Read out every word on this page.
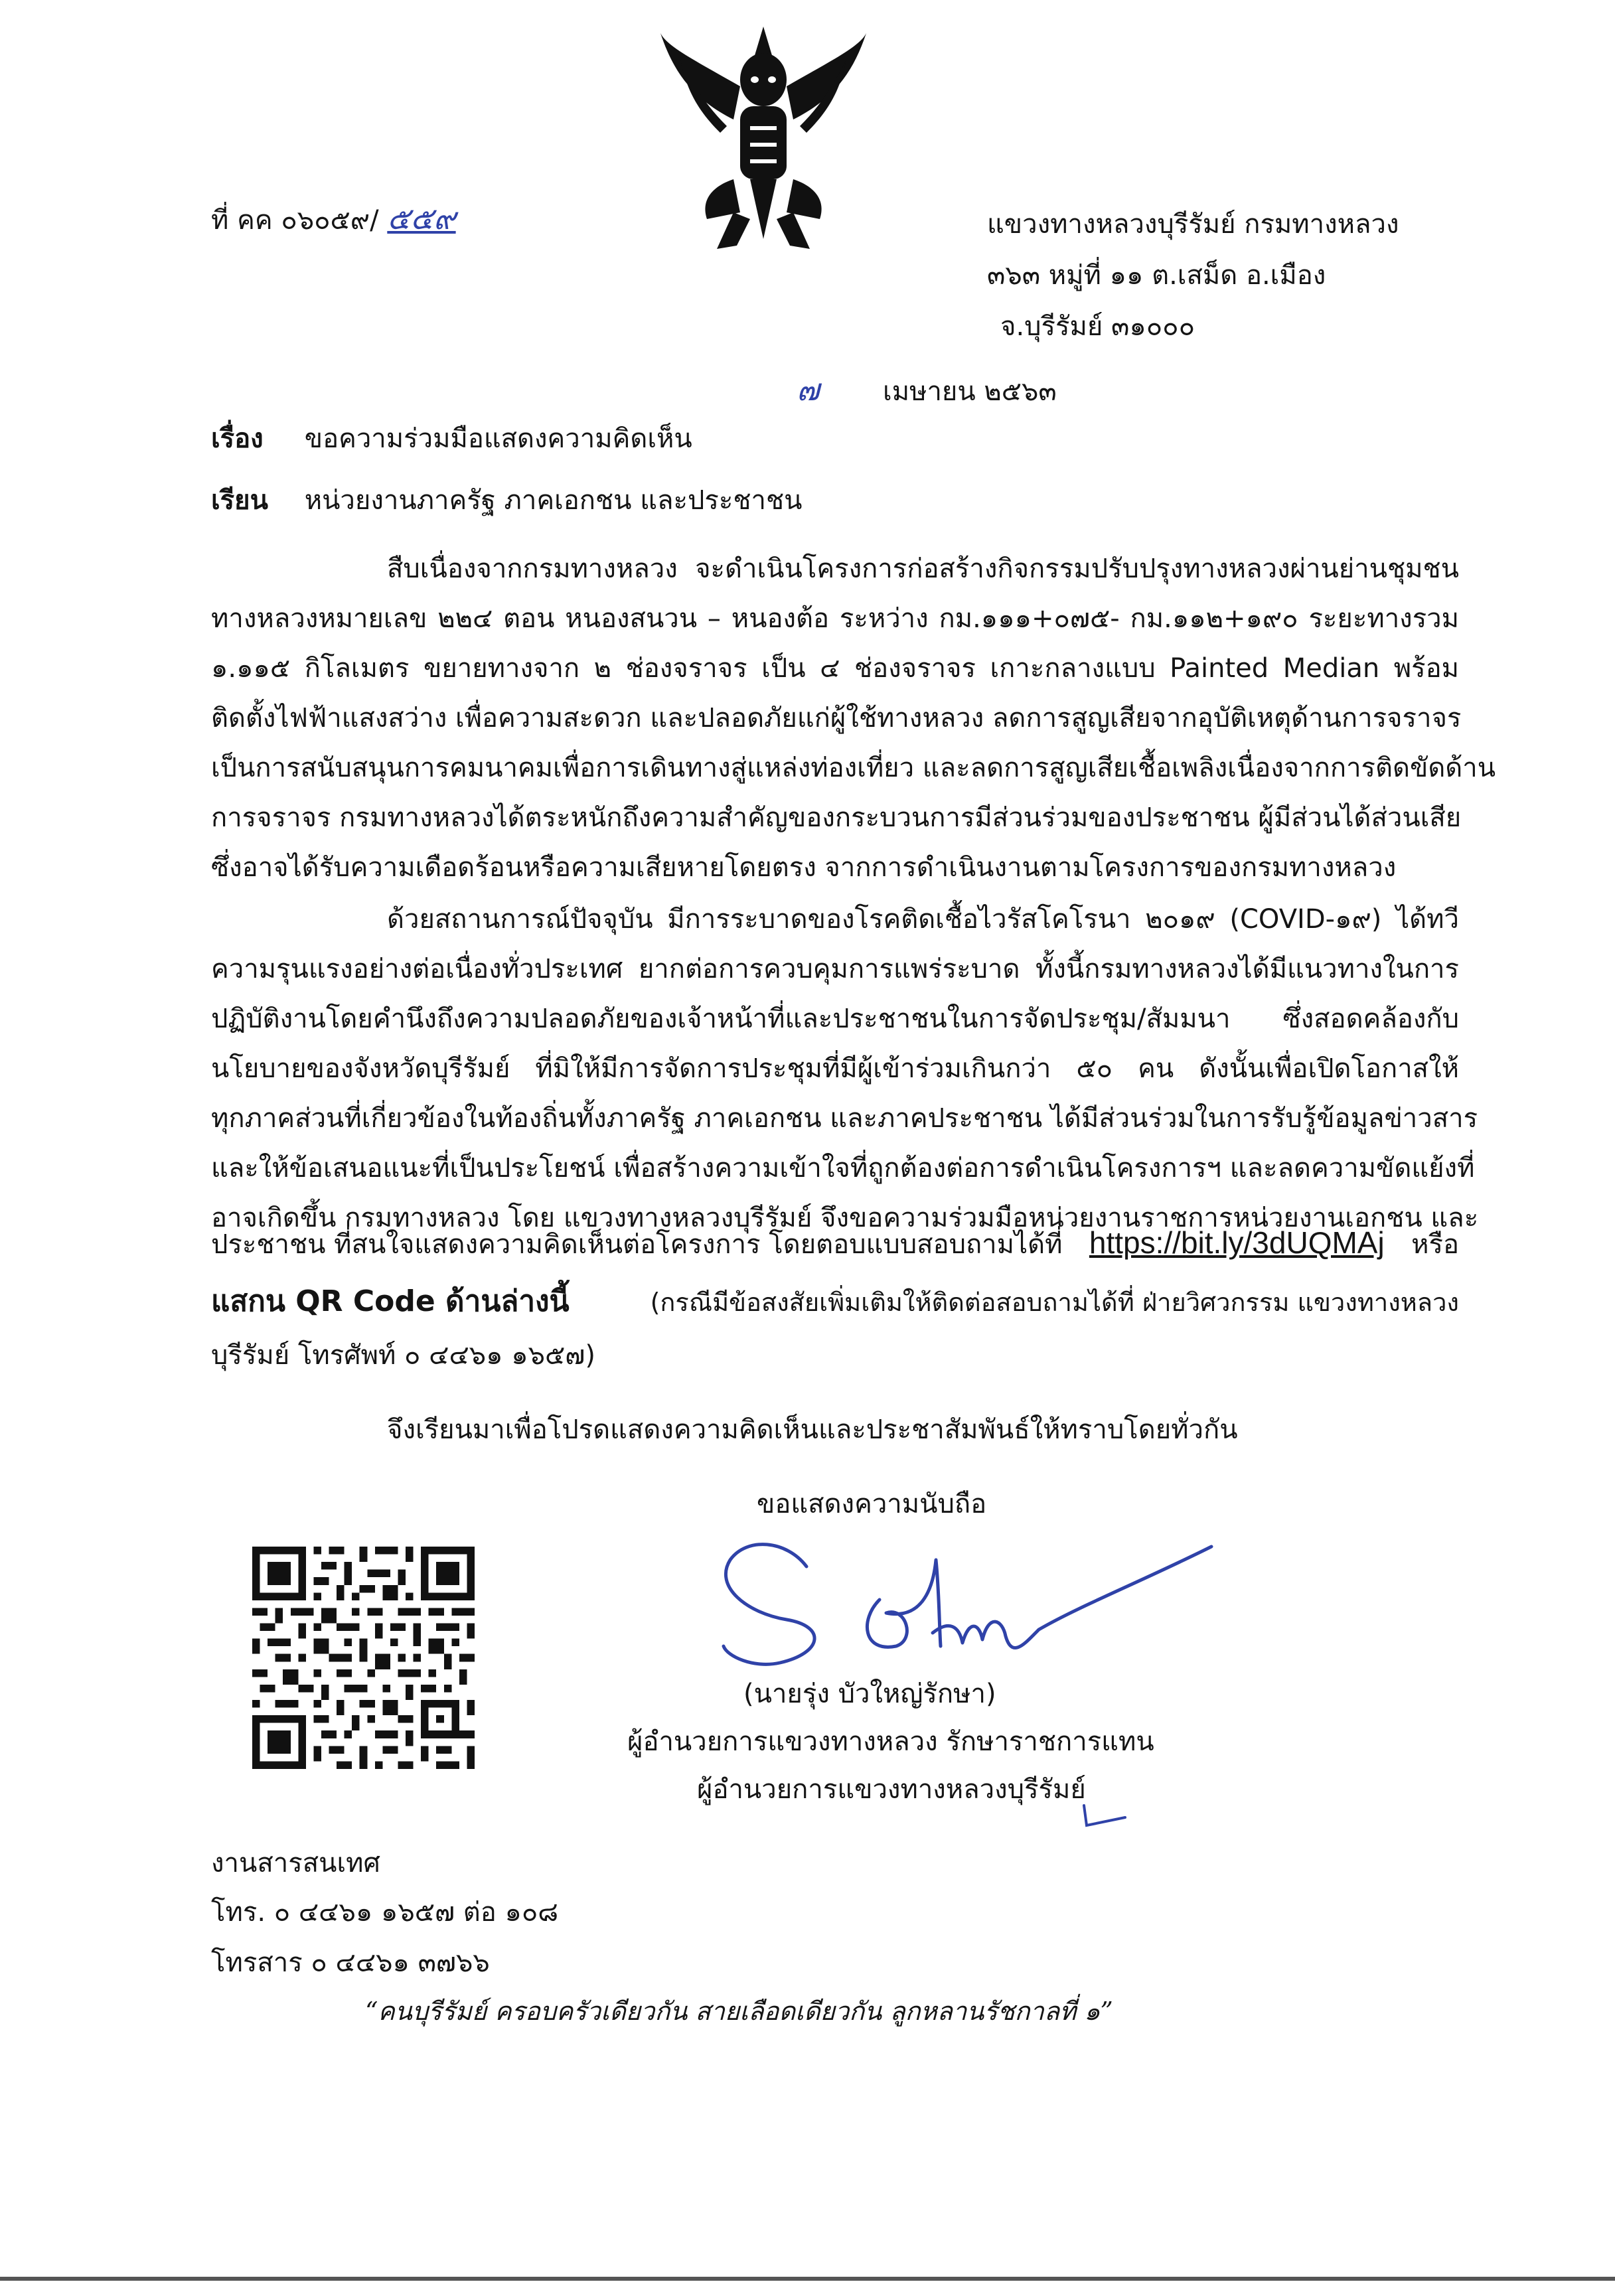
ที่ คค ๐๖๐๕๙/ ๕๕๙	แขวงทางหลวงบุรีรัมย์ กรมทางหลวง
๓๖๓ หมู่ที่ ๑๑ ต.เสม็ด อ.เมือง
จ.บุรีรัมย์ ๓๑๐๐๐
๗ เมษายน ๒๕๖๓
เรื่อง ขอความร่วมมือแสดงความคิดเห็น
เรียน หน่วยงานภาครัฐ ภาคเอกชน และประชาชน

สืบเนื่องจากกรมทางหลวง จะดำเนินโครงการก่อสร้างกิจกรรมปรับปรุงทางหลวงผ่านย่านชุมชน

ทางหลวงหมายเลข ๒๒๔ ตอน หนองสนวน – หนองต้อ ระหว่าง กม.๑๑๑+๐๗๕- กม.๑๑๒+๑๙๐ ระยะทางรวม

๑.๑๑๕ กิโลเมตร ขยายทางจาก ๒ ช่องจราจร เป็น ๔ ช่องจราจร เกาะกลางแบบ Painted Median พร้อม

ติดตั้งไฟฟ้าแสงสว่าง เพื่อความสะดวก และปลอดภัยแก่ผู้ใช้ทางหลวง ลดการสูญเสียจากอุบัติเหตุด้านการจราจร

เป็นการสนับสนุนการคมนาคมเพื่อการเดินทางสู่แหล่งท่องเที่ยว และลดการสูญเสียเชื้อเพลิงเนื่องจากการติดขัดด้าน

การจราจร กรมทางหลวงได้ตระหนักถึงความสำคัญของกระบวนการมีส่วนร่วมของประชาชน ผู้มีส่วนได้ส่วนเสีย

ซึ่งอาจได้รับความเดือดร้อนหรือความเสียหายโดยตรง จากการดำเนินงานตามโครงการของกรมทางหลวง

ด้วยสถานการณ์ปัจจุบัน มีการระบาดของโรคติดเชื้อไวรัสโคโรนา ๒๐๑๙ (COVID-๑๙) ได้ทวี

ความรุนแรงอย่างต่อเนื่องทั่วประเทศ ยากต่อการควบคุมการแพร่ระบาด ทั้งนี้กรมทางหลวงได้มีแนวทางในการ

ปฏิบัติงานโดยคำนึงถึงความปลอดภัยของเจ้าหน้าที่และประชาชนในการจัดประชุม/สัมมนา ซึ่งสอดคล้องกับ

นโยบายของจังหวัดบุรีรัมย์ ที่มิให้มีการจัดการประชุมที่มีผู้เข้าร่วมเกินกว่า ๕๐ คน ดังนั้นเพื่อเปิดโอกาสให้

ทุกภาคส่วนที่เกี่ยวข้องในท้องถิ่นทั้งภาครัฐ ภาคเอกชน และภาคประชาชน ได้มีส่วนร่วมในการรับรู้ข้อมูลข่าวสาร

และให้ข้อเสนอแนะที่เป็นประโยชน์ เพื่อสร้างความเข้าใจที่ถูกต้องต่อการดำเนินโครงการฯ และลดความขัดแย้งที่

อาจเกิดขึ้น กรมทางหลวง โดย แขวงทางหลวงบุรีรัมย์ จึงขอความร่วมมือหน่วยงานราชการหน่วยงานเอกชน และ

ประชาชน ที่สนใจแสดงความคิดเห็นต่อโครงการ โดยตอบแบบสอบถามได้ที่ https://bit.ly/3dUQMAj หรือ
แสกน QR Code ด้านล่างนี้	(กรณีมีข้อสงสัยเพิ่มเติมให้ติดต่อสอบถามได้ที่ ฝ่ายวิศวกรรม แขวงทางหลวง
บุรีรัมย์ โทรศัพท์ ๐ ๔๔๖๑ ๑๖๕๗)
จึงเรียนมาเพื่อโปรดแสดงความคิดเห็นและประชาสัมพันธ์ให้ทราบโดยทั่วกัน
ขอแสดงความนับถือ
(นายรุ่ง บัวใหญ่รักษา)
ผู้อำนวยการแขวงทางหลวง รักษาราชการแทน
ผู้อำนวยการแขวงทางหลวงบุรีรัมย์
งานสารสนเทศ
โทร. ๐ ๔๔๖๑ ๑๖๕๗ ต่อ ๑๐๘
โทรสาร ๐ ๔๔๖๑ ๓๗๖๖
“คนบุรีรัมย์ ครอบครัวเดียวกัน สายเลือดเดียวกัน ลูกหลานรัชกาลที่ ๑”
